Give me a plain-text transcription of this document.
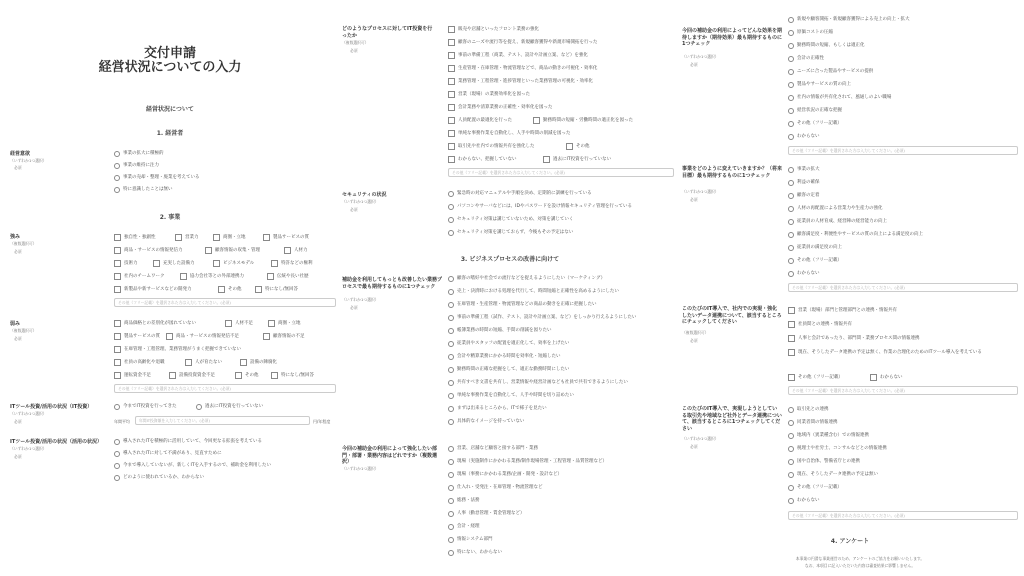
交付申請
経営状況についての入力
経営状況について
1. 経営者
経営意欲
（いずれか1つ選択）
必須
事業の拡大に積極的
事業の維持に注力
事業の売却・整理・廃業を考えている
特に意識したことは無い
2. 事業
強み
（複数選択可）
必須
独自性・独創性	営業力	商圏・立地	製品サービスの質
商品・サービスの情報発信力	顧客情報の収集・管理	人材力
技術力	充実した設備力	ビジネスモデル	特許などの権利
社内のチームワーク	協力会社等との外部連携力	伝統や長い社歴
新製品や新サービスなどの開発力	その他	特になし/無回答
その他（フリー記載）を選択された方は入力してください。(必須)
弱み
（複数選択可）
必須
商品価格との差別化が図れていない	人材不足	商圏・立地
製品サービスの質	商品・サービスの情報発信不足	顧客情報の不足
在庫管理・工程管理、業務管理がうまく把握できていない
社員の高齢化や退職	人が育たない	設備の陳腐化
運転資金不足	設備投資資金不足	その他	特になし/無回答
その他（フリー記載）を選択された方は入力してください。(必須)
ITツール投資/活用の状況（IT投資）
（いずれか1つ選択）
必須
今までIT投資を行ってきた	過去にIT投資を行っていない
年間平均	年間IT投資額を入力してください。(必須)	円/年程度
ITツール投資/活用の状況（活用の状況）
（いずれか1つ選択）
必須
導入されたITを積極的に活用していて、今回更なる拡張を考えている
導入されたITに対して不満があり、見直すために
今まで導入していないが、新しくITを入手するので、補助金を利用したい
どのように使われているか、わからない
どのようなプロセスに対してIT投資を行ったか
（複数選択可）
必須
販売や店舗といったフロント業務の強化
顧客のニーズや流行等を捉え、新規顧客獲得や新規市場開拓を行った
事前の準備工程（商業、テスト、設計や計画立案、など）を強化
生産管理・在庫管理・物流管理などで、商品の動きの可視化・効率化
業務管理・工程管理・進捗管理といった業務管理の可視化・効率化
営業（現場）の業務効率化を図った
会計業務や清算業務の正確性・効率化を図った
人員配置の最適化を行った	勤務時間の短縮・労働時間の適正化を図った
単純な事務作業を自動化し、人手や時間の削減を図った
取引先や社内での情報共有を強化した	その他
わからない、把握していない	過去にIT投資を行っていない
その他（フリー記載）を選択された方は入力してください。(必須)
セキュリティの状況
（いずれか1つ選択）
必須
緊急時の対応マニュアルや手順を決め、定期的に訓練を行っている
パソコンやサーバなどには、IDやパスワードを設け情報セキュリティ管理を行っている
セキュリティ対策は講じていないため、対策を講じていく
セキュリティ対策を講じておらず、今後もその予定はない
3. ビジネスプロセスの改善に向けて
補助金を利用してもっとも改善したい業務プロセスで最も期待するものに1つチェック
（いずれか1つ選択）
必須
顧客の嗜好や社会での流行などを捉えるようにしたい（マーケティング）
売上・決済時における処理を代行して、時間短縮と正確性を高めるようにしたい
在庫管理・生産管理・物流管理などの商品の動きを正確に把握したい
事前の準備工程（試作、テスト、設計や計画立案、など）をしっかり行えるようにしたい
帳簿業務の時間の短縮、手間の削減を図りたい
従業員やスタッフの配置を適正化して、効率を上げたい
会計や精算業務にかかる時間を効率化・短縮したい
勤務時間の正確な把握をして、適正な勤務時間にしたい
共有すべき文書を共有し、営業情報や経営計画なども社員で共有できるようにしたい
単純な事務作業を自動化して、人手や時間を切り詰めたい
まずは出来るところから、ITで様子を見たい
具体的なイメージを持っていない
今回の補助金の利用によって強化したい部門・部署・業務内容はどれですか（複数選択）
（いずれか1つ選択）
営業、店舗など顧客と接する部門・業務
現場（実施制作にかかわる業務/制作現場管理・工程管理・品質管理など）
現場（事務にかかわる業務/企画・開発・設計など）
仕入れ・受発注・在庫管理・物流管理など
総務・法務
人事（勤怠管理・賃金管理など）
会計・経理
情報システム部門
特にない、わからない
今回の補助金の利用によってどんな効果を期待しますか（期待効果）最も期待するものに1つチェック
（いずれか1つ選択）
必須
新規や顧客開拓・新規顧客獲得による売上の向上・拡大
原価コストの圧縮
勤務時間の短縮、もしくは適正化
会計の正確性
ニーズに合った製品やサービスの提供
製品やサービスの質の向上
社内の情報が共有化されて、風通しのよい職場
経営状況の正確な把握
その他（フリー記載）
わからない
その他（フリー記載）を選択された方は入力してください。(必須)
事業をどのように変えていきますか？（将来目標）最も期待するものに1つチェック
（いずれか1つ選択）
必須
事業の拡大
利益の確保
顧客の定着
人材の再配置による営業力や生産力の強化
従業員の人材育成、経営陣の経営能力の向上
顧客満足度・利便性やサービスの質の向上による満足度の向上
従業員の満足度の向上
その他（フリー記載）
わからない
その他（フリー記載）を選択された方は入力してください。(必須)
このたびのIT導入で、社内での実現・強化したいデータ連携について、該当するところにチェックしてください
（複数選択可）
必須
営業（現場）部門と管理部門との連携・情報共有
社員間との連携・情報共有
人事と会計であったり、部門間・業務プロセス間の情報連携
現在、そうしたデータ連携の予定は無く、作業の合理化のためのITツール導入を考えている
その他（フリー記載）	わからない
その他（フリー記載）を選択された方は入力してください。(必須)
このたびのIT導入で、実現しようとしている取引先や地域など社外とデータ連携について、該当するところに1つチェックしてください
（いずれか1つ選択）
必須
取引先との連携
同業者間の情報連携
地域内（異業種含む）での情報連携
税理士や社労士、コンサルなどとの情報連携
国や自治体、警備省庁との連携
現在、そうしたデータ連携の予定は無い
その他（フリー記載）
わからない
その他（フリー記載）を選択された方は入力してください。(必須)
4. アンケート
本事業の円滑な事業運営のため、アンケートのご協力をお願いいたします。
なお、本項目に記入いただいた内容は審査結果に影響しません。
